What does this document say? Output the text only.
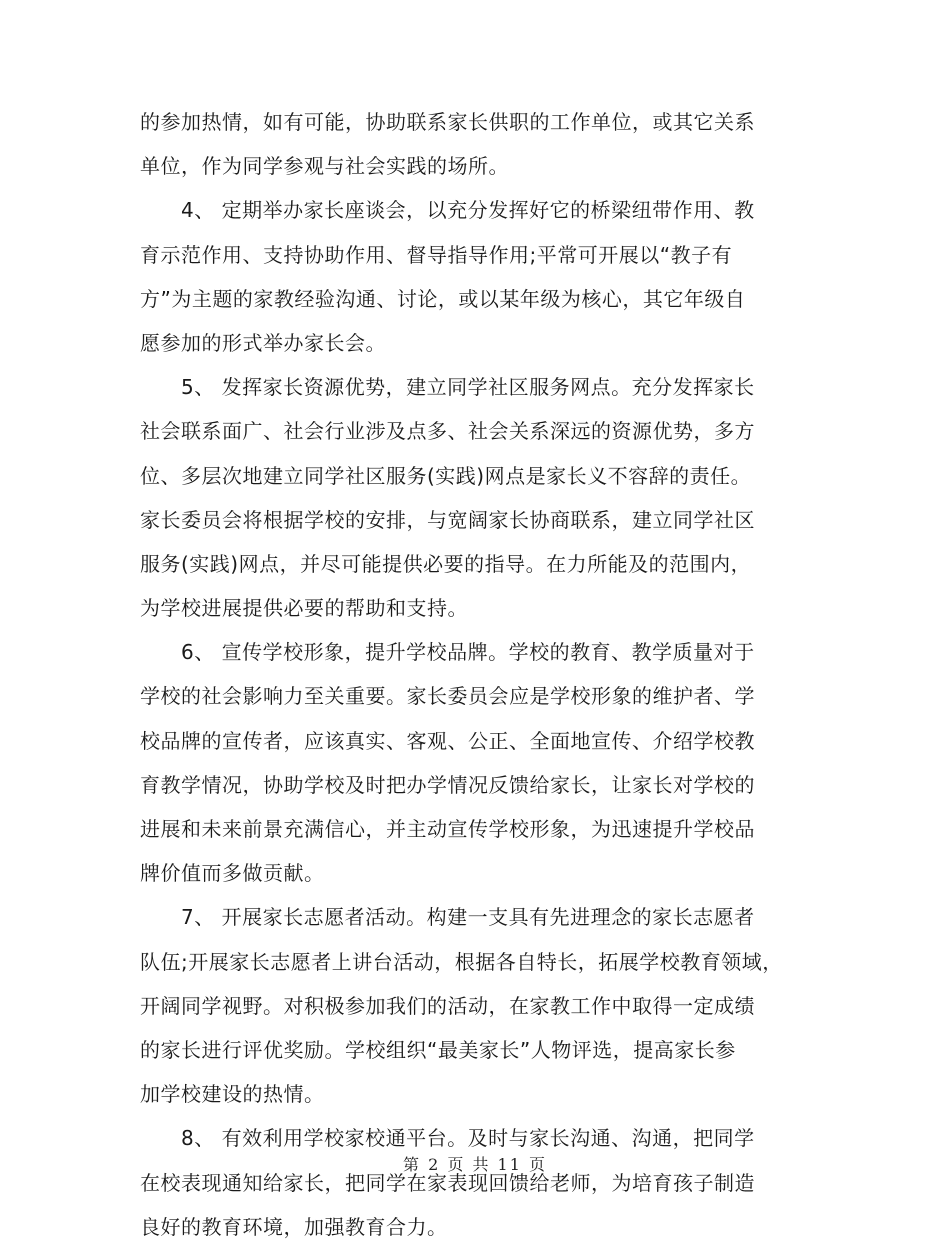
的参加热情，如有可能，协助联系家长供职的工作单位，或其它关系
单位，作为同学参观与社会实践的场所。
　　4、 定期举办家长座谈会，以充分发挥好它的桥梁纽带作用、教
育示范作用、支持协助作用、督导指导作用;平常可开展以“教子有
方”为主题的家教经验沟通、讨论，或以某年级为核心，其它年级自
愿参加的形式举办家长会。
　　5、 发挥家长资源优势，建立同学社区服务网点。充分发挥家长
社会联系面广、社会行业涉及点多、社会关系深远的资源优势，多方
位、多层次地建立同学社区服务(实践)网点是家长义不容辞的责任。
家长委员会将根据学校的安排，与宽阔家长协商联系，建立同学社区
服务(实践)网点，并尽可能提供必要的指导。在力所能及的范围内，
为学校进展提供必要的帮助和支持。
　　6、 宣传学校形象，提升学校品牌。学校的教育、教学质量对于
学校的社会影响力至关重要。家长委员会应是学校形象的维护者、学
校品牌的宣传者，应该真实、客观、公正、全面地宣传、介绍学校教
育教学情况，协助学校及时把办学情况反馈给家长，让家长对学校的
进展和未来前景充满信心，并主动宣传学校形象，为迅速提升学校品
牌价值而多做贡献。
　　7、 开展家长志愿者活动。构建一支具有先进理念的家长志愿者
队伍;开展家长志愿者上讲台活动，根据各自特长，拓展学校教育领域，
开阔同学视野。对积极参加我们的活动，在家教工作中取得一定成绩
的家长进行评优奖励。学校组织“最美家长”人物评选，提高家长参
加学校建设的热情。
　　8、 有效利用学校家校通平台。及时与家长沟通、沟通，把同学
在校表现通知给家长，把同学在家表现回馈给老师，为培育孩子制造
良好的教育环境，加强教育合力。
第 2 页 共 11 页
